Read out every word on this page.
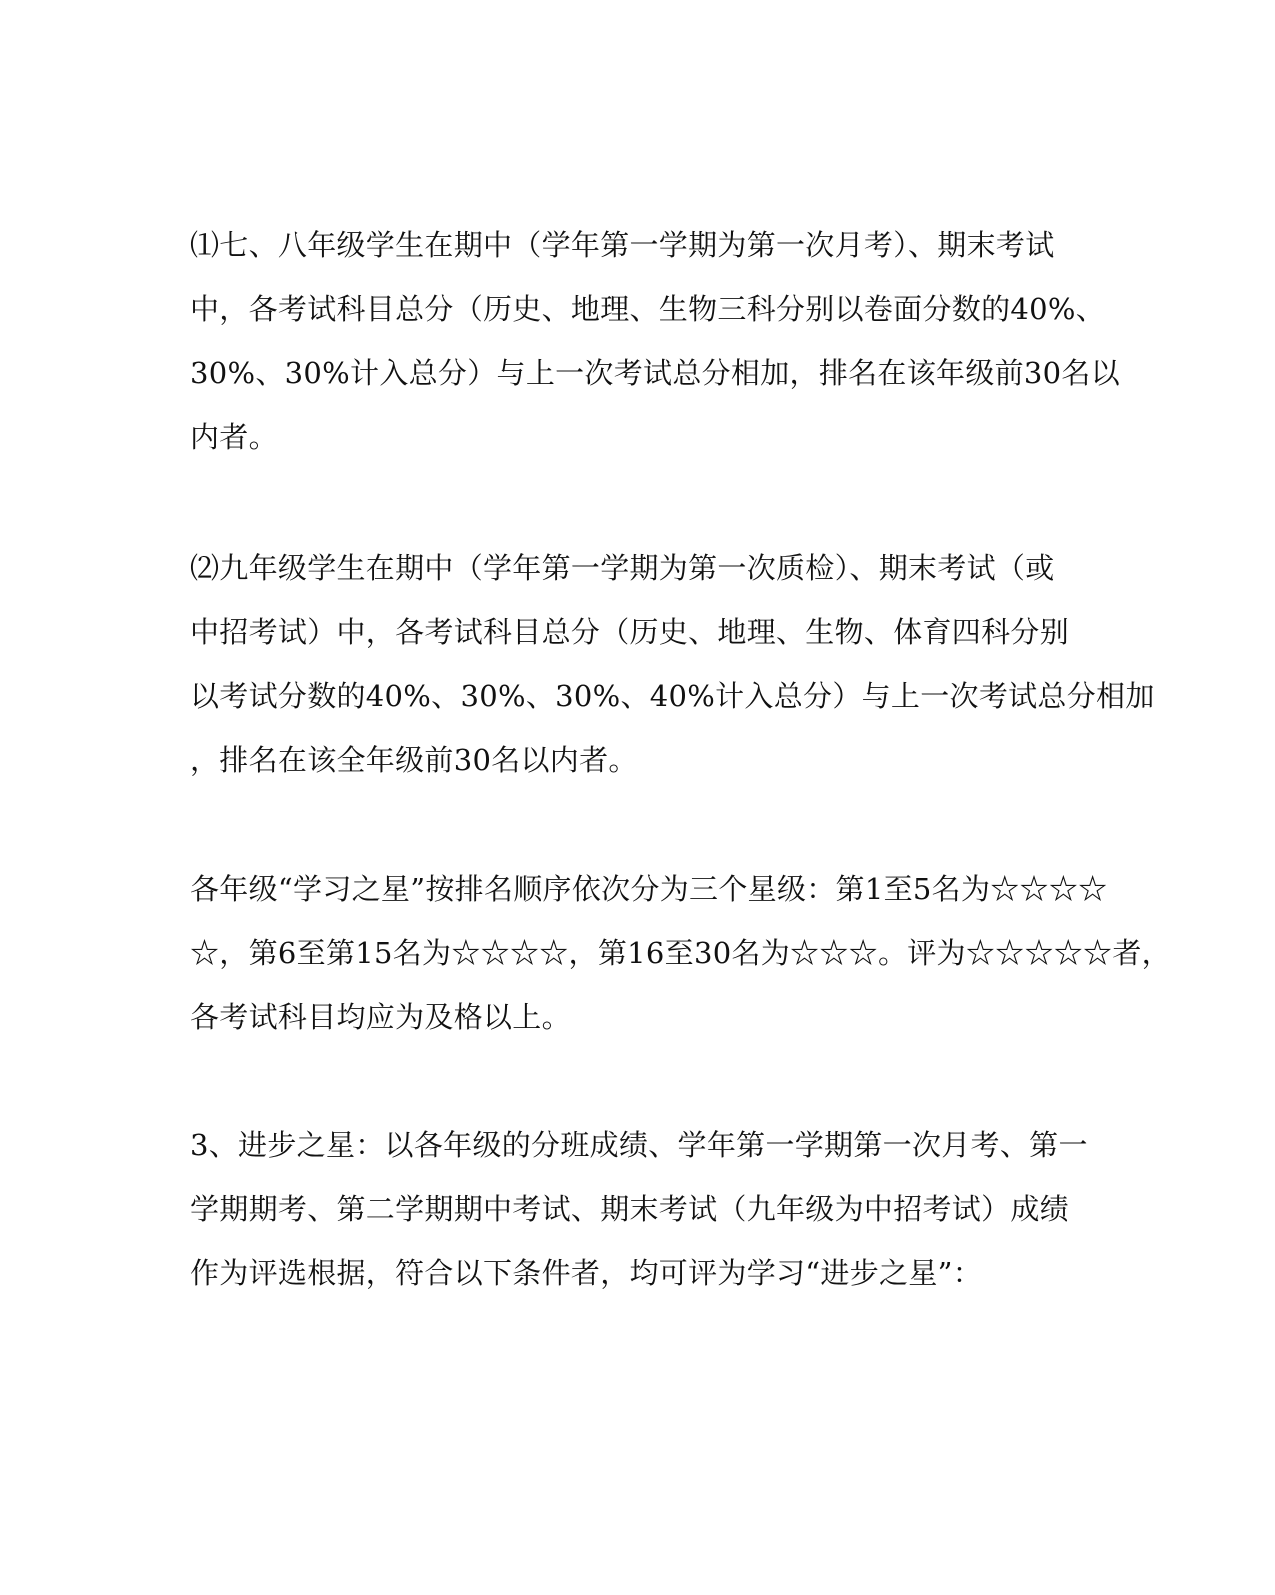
⑴七、八年级学生在期中（学年第一学期为第一次月考）、期末考试
中，各考试科目总分（历史、地理、生物三科分别以卷面分数的40%、
30%、30%计入总分）与上一次考试总分相加，排名在该年级前30名以
内者。
⑵九年级学生在期中（学年第一学期为第一次质检）、期末考试（或
中招考试）中，各考试科目总分（历史、地理、生物、体育四科分别
以考试分数的40%、30%、30%、40%计入总分）与上一次考试总分相加
，排名在该全年级前30名以内者。
各年级“学习之星”按排名顺序依次分为三个星级：第1至5名为☆☆☆☆
☆，第6至第15名为☆☆☆☆，第16至30名为☆☆☆。评为☆☆☆☆☆者，
各考试科目均应为及格以上。
3、进步之星：以各年级的分班成绩、学年第一学期第一次月考、第一
学期期考、第二学期期中考试、期末考试（九年级为中招考试）成绩
作为评选根据，符合以下条件者，均可评为学习“进步之星”：
